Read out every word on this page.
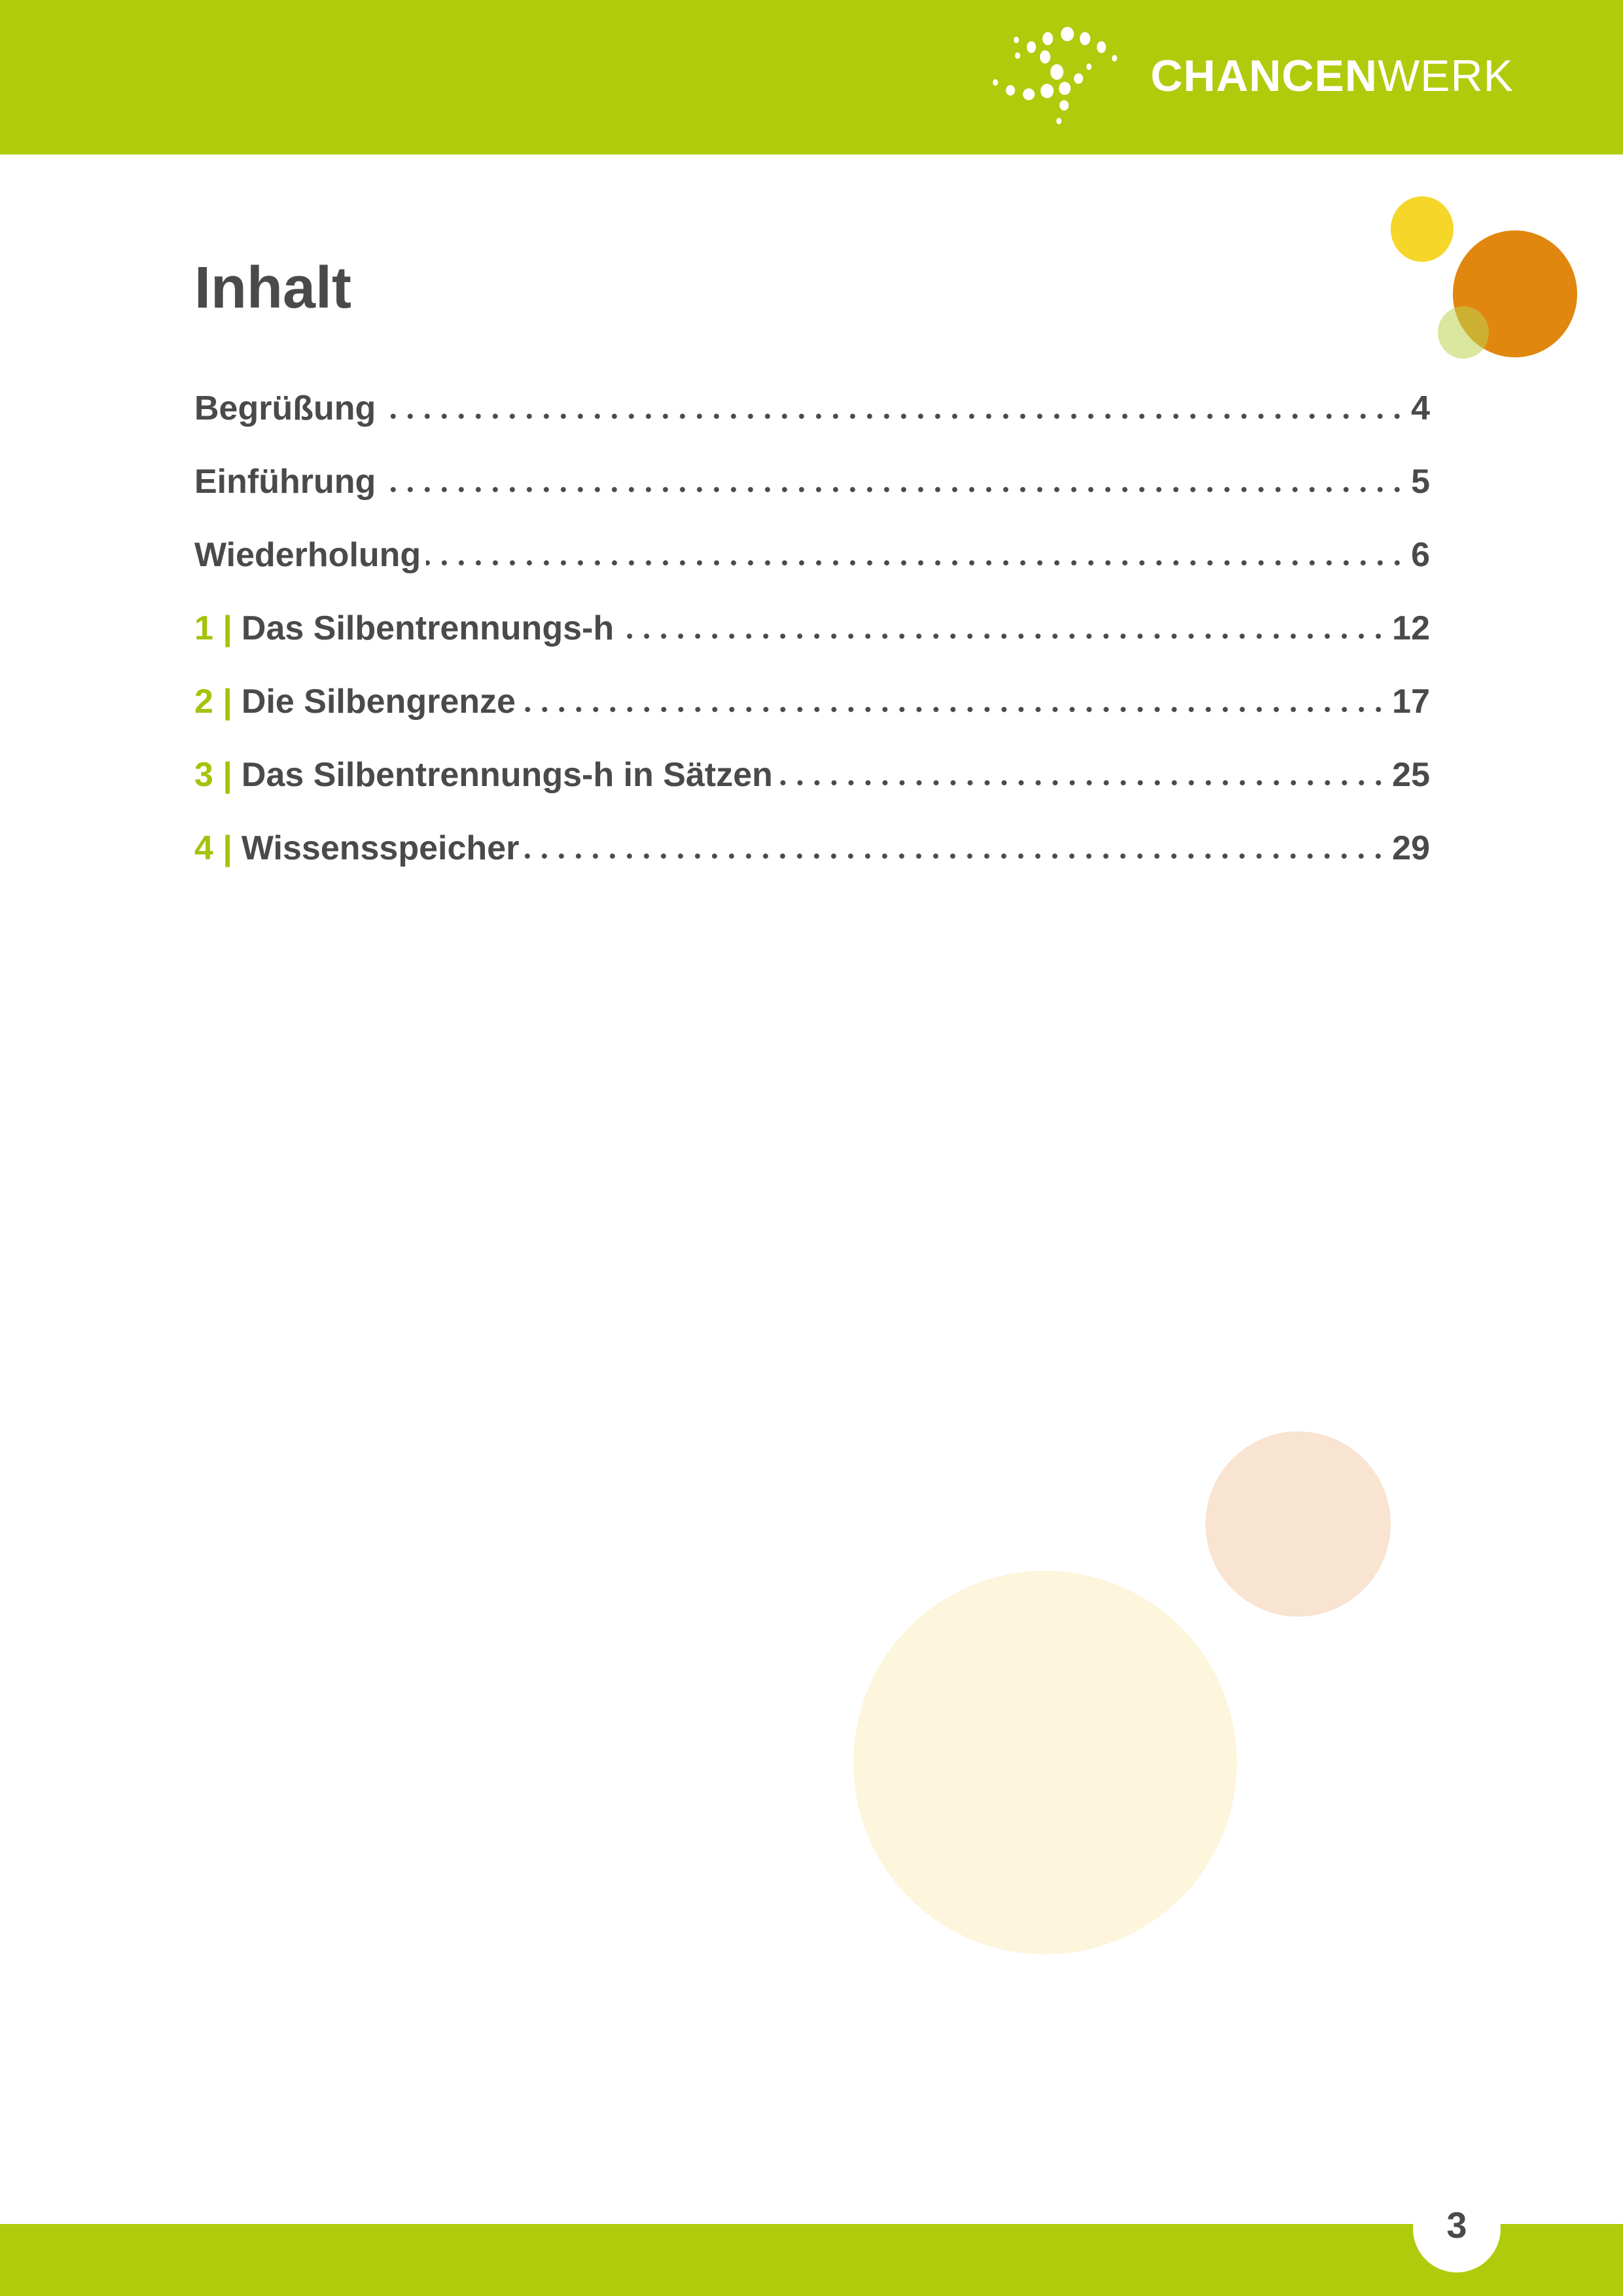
CHANCENWERK
Inhalt
Begrüßung	4
Einführung	5
Wiederholung	6
1 | Das Silbentrennungs-h	12
2 | Die Silbengrenze	17
3 | Das Silbentrennungs-h in Sätzen	25
4 | Wissensspeicher	29
3
